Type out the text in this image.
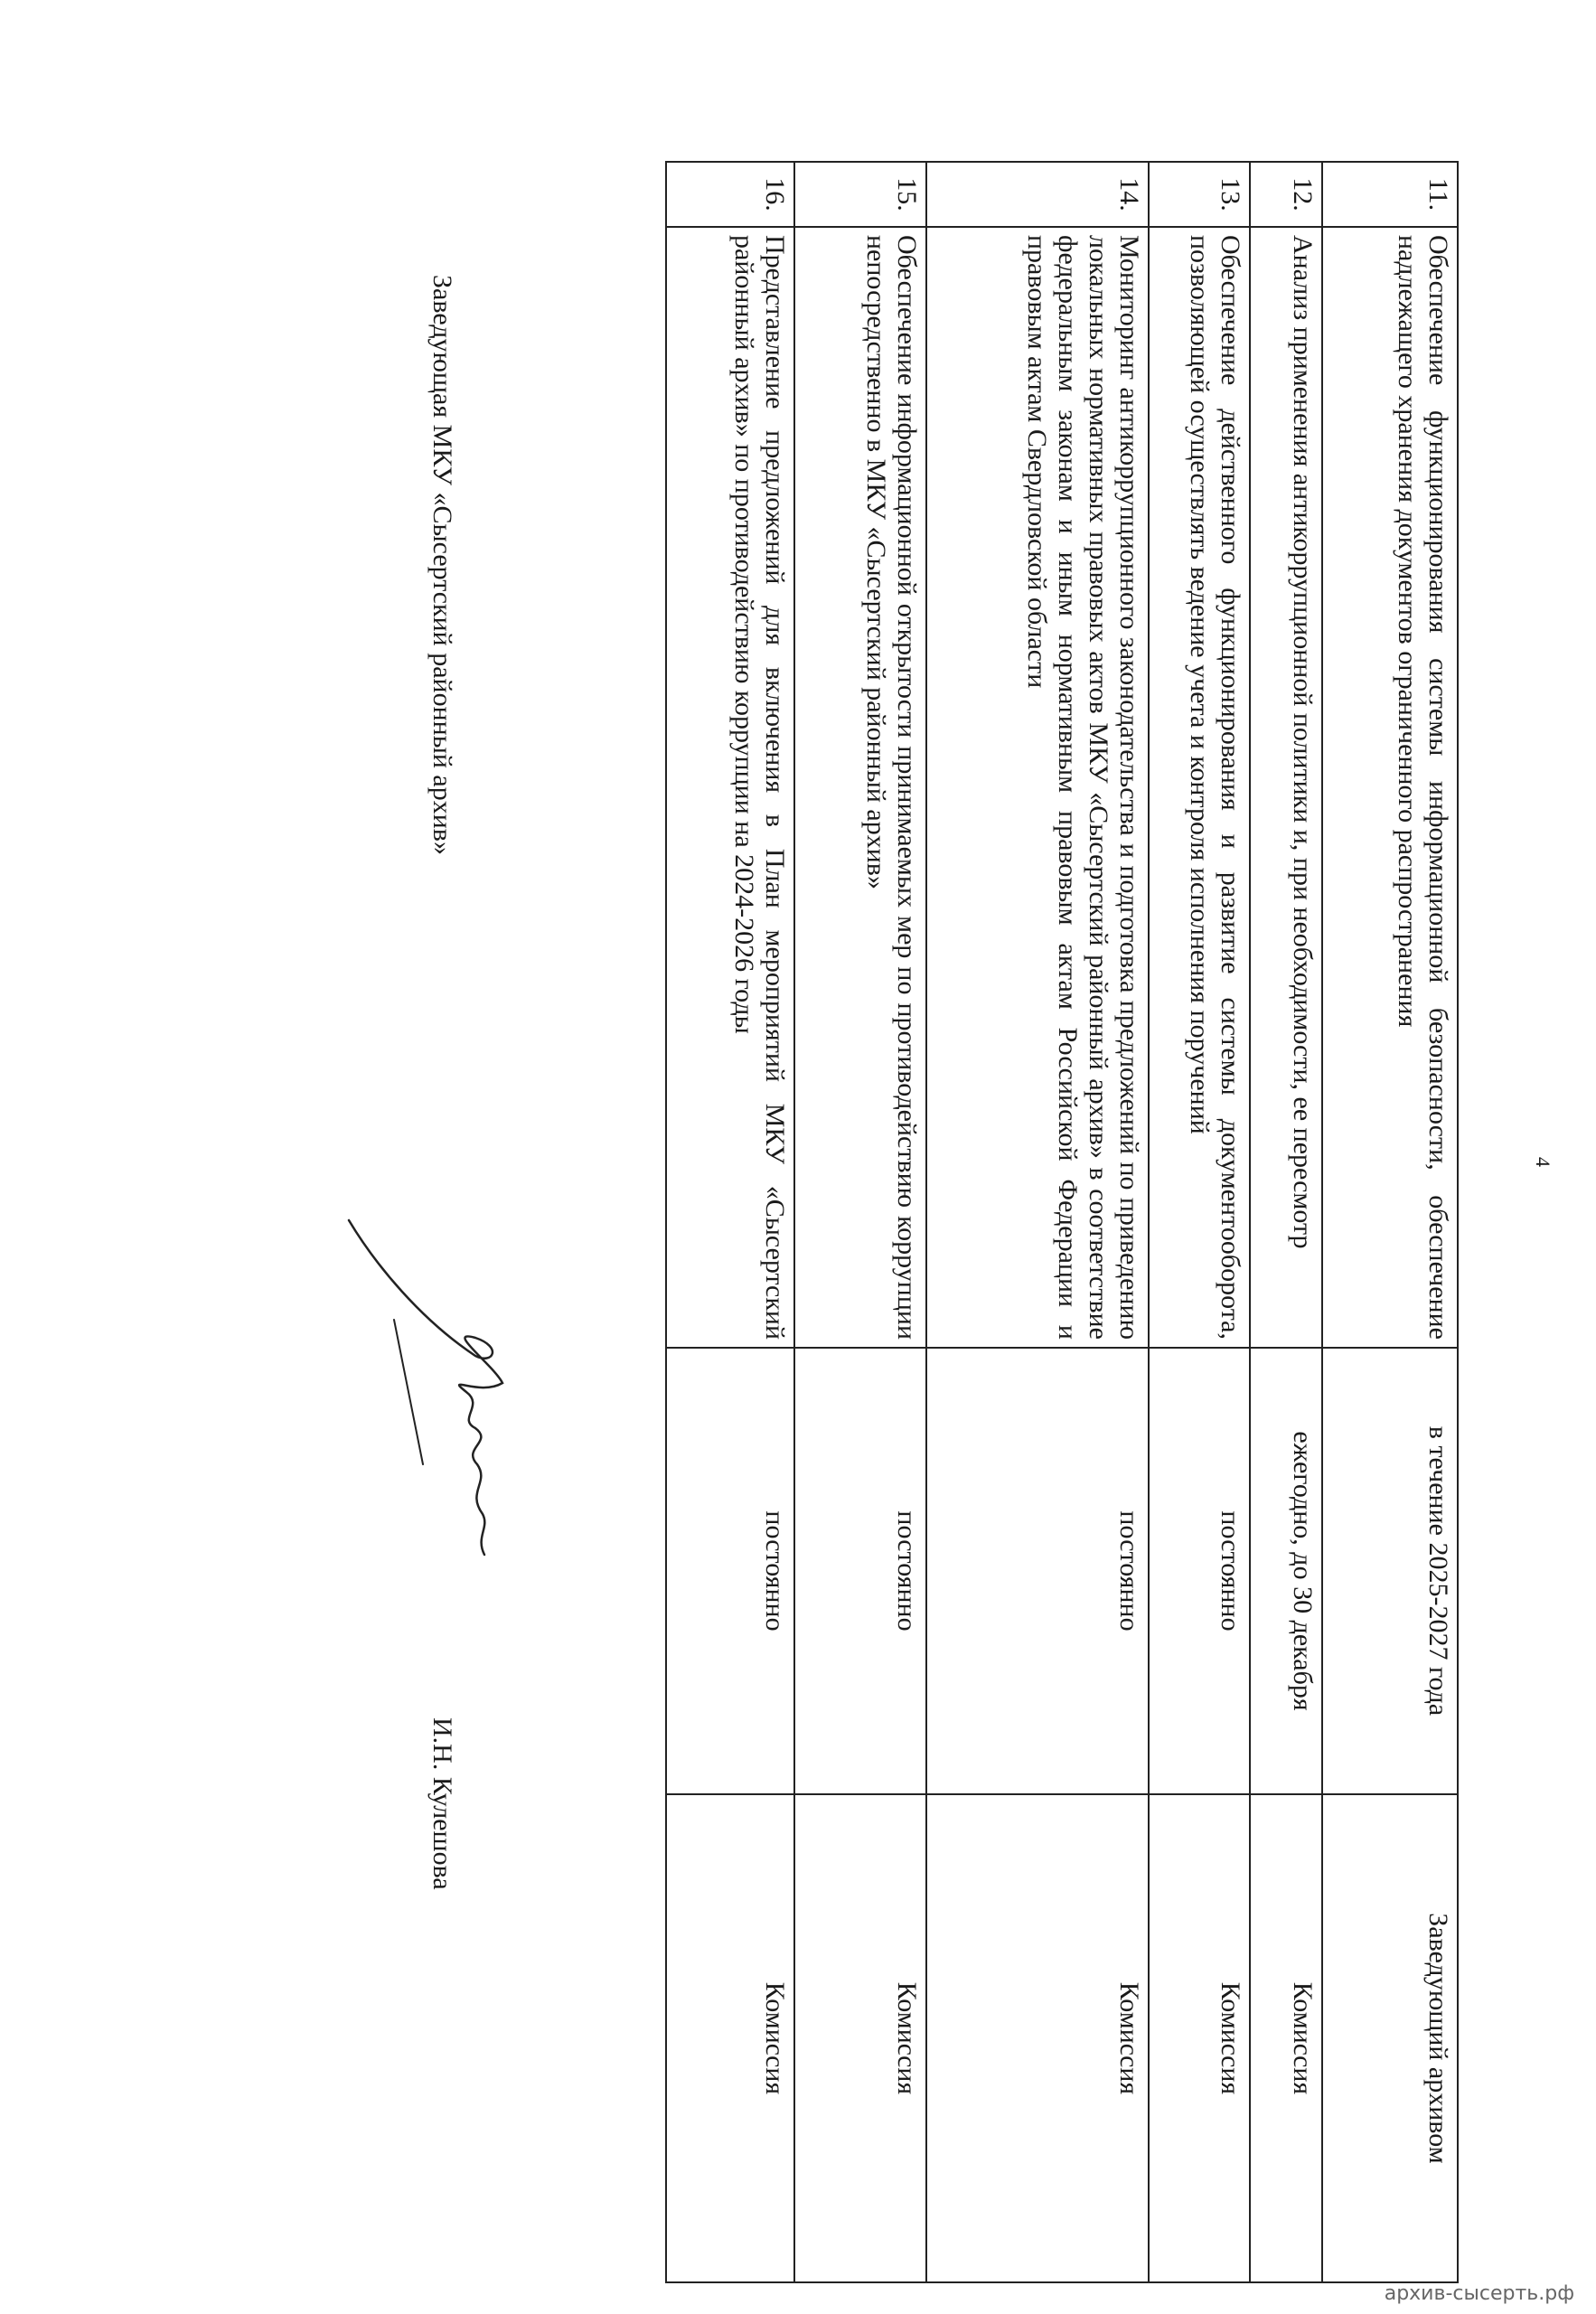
4
11.	Обеспечение функционирования системы информационной безопасности, обеспечение надлежащего хранения документов ограниченного распространения	в течение 2025-2027 года	Заведующий архивом
12.	Анализ применения антикоррупционной политики и, при необходимости, ее пересмотр	ежегодно, до 30 декабря	Комиссия
13.	Обеспечение действенного функционирования и развитие системы документооборота, позволяющей осуществлять ведение учета и контроля исполнения поручений	постоянно	Комиссия
14.	Мониторинг антикоррупционного законодательства и подготовка предложений по приведению локальных нормативных правовых актов МКУ «Сысертский районный архив» в соответствие федеральным законам и иным нормативным правовым актам Российской Федерации и правовым актам Свердловской области	постоянно	Комиссия
15.	Обеспечение информационной открытости принимаемых мер по противодействию коррупции непосредственно в МКУ «Сысертский районный архив»	постоянно	Комиссия
16.	Представление предложений для включения в План мероприятий МКУ «Сысертский районный архив» по противодействию коррупции на 2024-2026 годы	постоянно	Комиссия
Заведующая МКУ «Сысертский районный архив»
И.Н. Кулешова
архив-сысерть.рф
